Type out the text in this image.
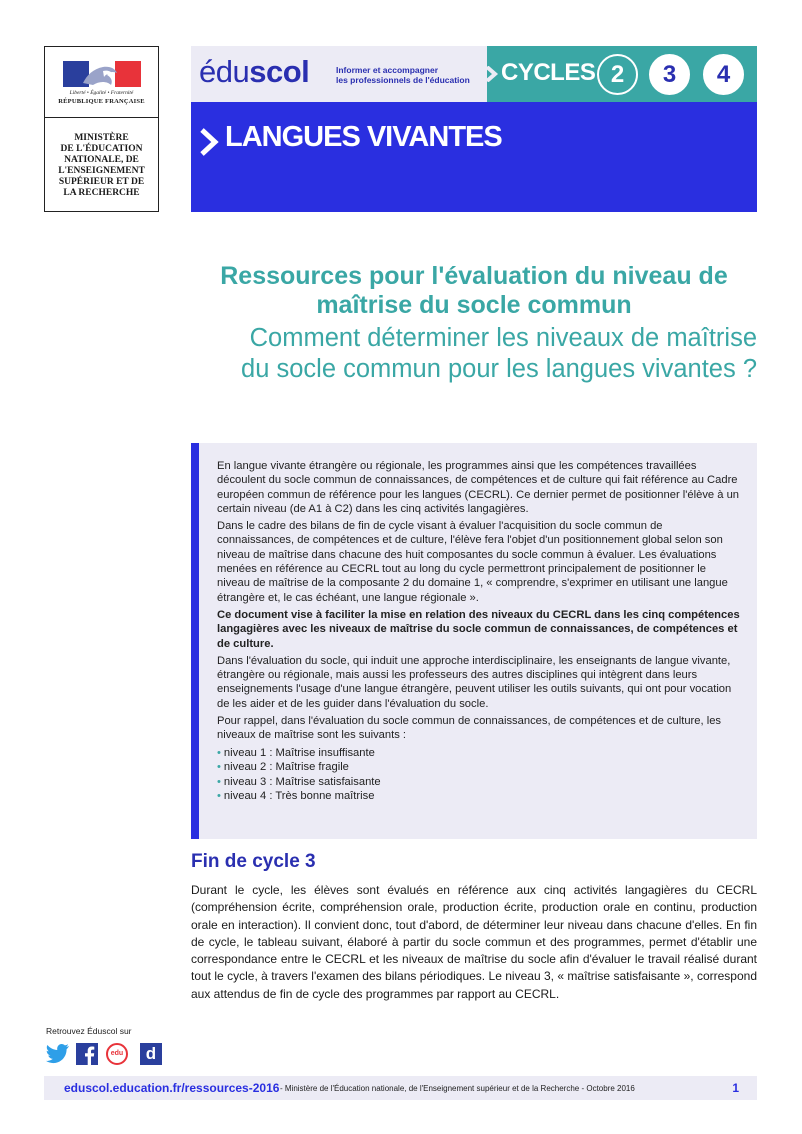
Liberté • Égalité • Fraternité
RÉPUBLIQUE FRANÇAISE
MINISTÈRE
DE L'ÉDUCATION
NATIONALE, DE
L'ENSEIGNEMENT
SUPÉRIEUR ET DE
LA RECHERCHE
éduscol	Informer et accompagner
les professionnels de l'éducation CYCLES 2	3	4
LANGUES VIVANTES
Ressources pour l'évaluation du niveau de
maîtrise du socle commun
Comment déterminer les niveaux de maîtrise
du socle commun pour les langues vivantes ?

En langue vivante étrangère ou régionale, les programmes ainsi que les compétences travaillées découlent du socle commun de connaissances, de compétences et de culture qui fait référence au Cadre européen commun de référence pour les langues (CECRL). Ce dernier permet de positionner l'élève à un certain niveau (de A1 à C2) dans les cinq activités langagières.

Dans le cadre des bilans de fin de cycle visant à évaluer l'acquisition du socle commun de connaissances, de compétences et de culture, l'élève fera l'objet d'un positionnement global selon son niveau de maîtrise dans chacune des huit composantes du socle commun à évaluer. Les évaluations menées en référence au CECRL tout au long du cycle permettront principalement de positionner le niveau de maîtrise de la composante 2 du domaine 1, « comprendre, s'exprimer en utilisant une langue étrangère et, le cas échéant, une langue régionale ».

Ce document vise à faciliter la mise en relation des niveaux du CECRL dans les cinq compétences langagières avec les niveaux de maîtrise du socle commun de connaissances, de compétences et de culture.

Dans l'évaluation du socle, qui induit une approche interdisciplinaire, les enseignants de langue vivante, étrangère ou régionale, mais aussi les professeurs des autres disciplines qui intègrent dans leurs enseignements l'usage d'une langue étrangère, peuvent utiliser les outils suivants, qui ont pour vocation de les aider et de les guider dans l'évaluation du socle.

Pour rappel, dans l'évaluation du socle commun de connaissances, de compétences et de culture, les niveaux de maîtrise sont les suivants :

• niveau 1 : Maîtrise insuffisante
• niveau 2 : Maîtrise fragile
• niveau 3 : Maîtrise satisfaisante
• niveau 4 : Très bonne maîtrise
Fin de cycle 3
Durant le cycle, les élèves sont évalués en référence aux cinq activités langagières du CECRL (compréhension écrite, compréhension orale, production écrite, production orale en continu, production orale en interaction). Il convient donc, tout d'abord, de déterminer leur niveau dans chacune d'elles. En fin de cycle, le tableau suivant, élaboré à partir du socle commun et des programmes, permet d'établir une correspondance entre le CECRL et les niveaux de maîtrise du socle afin d'évaluer le travail réalisé durant tout le cycle, à travers l'examen des bilans périodiques. Le niveau 3, « maîtrise satisfaisante », correspond aux attendus de fin de cycle des programmes par rapport au CECRL.
Retrouvez Éduscol sur
edu	d
eduscol.education.fr/ressources-2016 - Ministère de l'Éducation nationale, de l'Enseignement supérieur et de la Recherche - Octobre 2016	1
